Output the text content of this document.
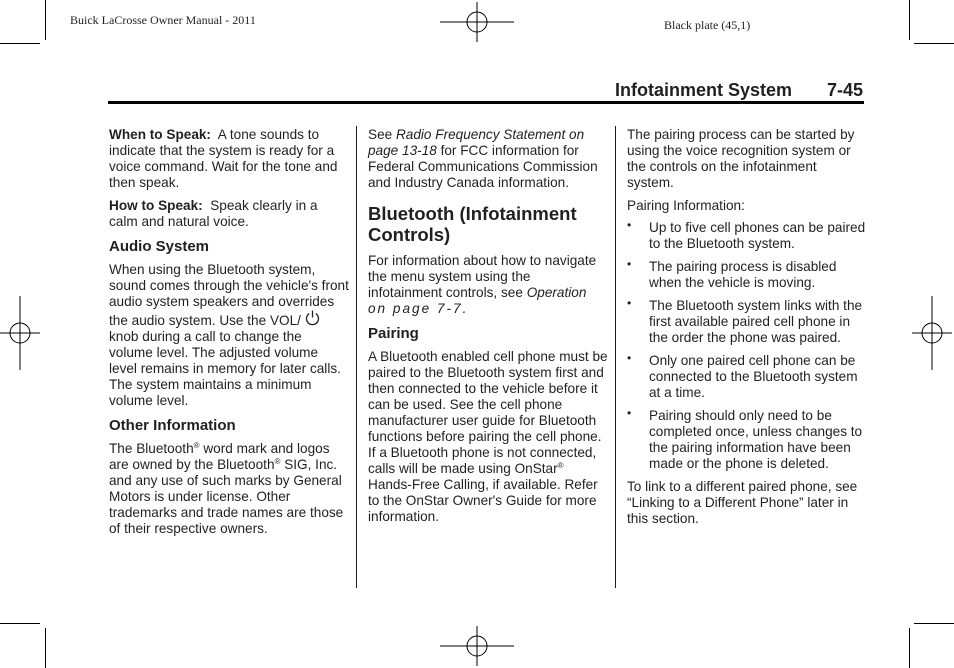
Buick LaCrosse Owner Manual - 2011	Black plate (45,1)
Infotainment System 7-45

When to Speak: A tone sounds to indicate that the system is ready for a voice command. Wait for the tone and then speak.

How to Speak: Speak clearly in a calm and natural voice.

Audio System

When using the Bluetooth system, sound comes through the vehicle's front audio system speakers and overrides the audio system. Use the VOL/  knob during a call to change the volume level. The adjusted volume level remains in memory for later calls. The system maintains a minimum volume level.

Other Information

The Bluetooth® word mark and logos are owned by the Bluetooth® SIG, Inc. and any use of such marks by General Motors is under license. Other trademarks and trade names are those of their respective owners.

See Radio Frequency Statement on page 13-18 for FCC information for Federal Communications Commission and Industry Canada information.

Bluetooth (Infotainment Controls)

For information about how to navigate the menu system using the infotainment controls, see Operation
on page 7-7.

Pairing

A Bluetooth enabled cell phone must be paired to the Bluetooth system first and then connected to the vehicle before it can be used. See the cell phone manufacturer user guide for Bluetooth functions before pairing the cell phone. If a Bluetooth phone is not connected, calls will be made using OnStar® Hands-Free Calling, if available. Refer to the OnStar Owner's Guide for more information.

The pairing process can be started by using the voice recognition system or the controls on the infotainment system.

Pairing Information:

• Up to five cell phones can be paired to the Bluetooth system.
• The pairing process is disabled when the vehicle is moving.
• The Bluetooth system links with the first available paired cell phone in the order the phone was paired.
• Only one paired cell phone can be connected to the Bluetooth system at a time.
• Pairing should only need to be completed once, unless changes to the pairing information have been made or the phone is deleted.

To link to a different paired phone, see “Linking to a Different Phone” later in this section.
